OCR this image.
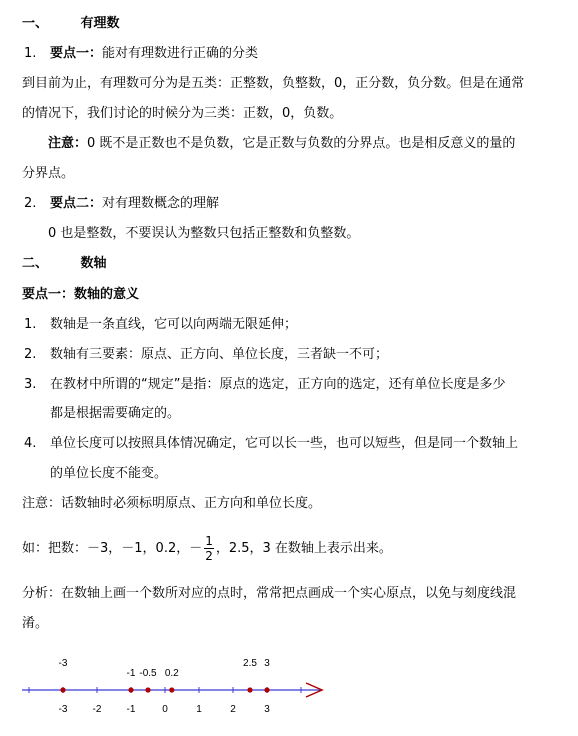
一、	有理数
1. 要点一：能对有理数进行正确的分类
到目前为止，有理数可分为是五类：正整数，负整数，0，正分数，负分数。但是在通常
的情况下，我们讨论的时候分为三类：正数，0，负数。
注意：0 既不是正数也不是负数，它是正数与负数的分界点。也是相反意义的量的
分界点。
2. 要点二：对有理数概念的理解
0 也是整数，不要误认为整数只包括正整数和负整数。
二、	数轴
要点一：数轴的意义
1. 数轴是一条直线，它可以向两端无限延伸；
2. 数轴有三要素：原点、正方向、单位长度，三者缺一不可；
3. 在教材中所谓的“规定”是指：原点的选定，正方向的选定，还有单位长度是多少
都是根据需要确定的。
4. 单位长度可以按照具体情况确定，它可以长一些，也可以短些，但是同一个数轴上
的单位长度不能变。
注意：话数轴时必须标明原点、正方向和单位长度。
如：把数：－3，－1，0.2，－ $\frac{1}{2}$ ，2.5，3 在数轴上表示出来。
分析：在数轴上画一个数所对应的点时，常常把点画成一个实心原点，以免与刻度线混
淆。
-3	-2	-1	0	1	2	3
-3
-1 -0.5 0.2
2.5 3
